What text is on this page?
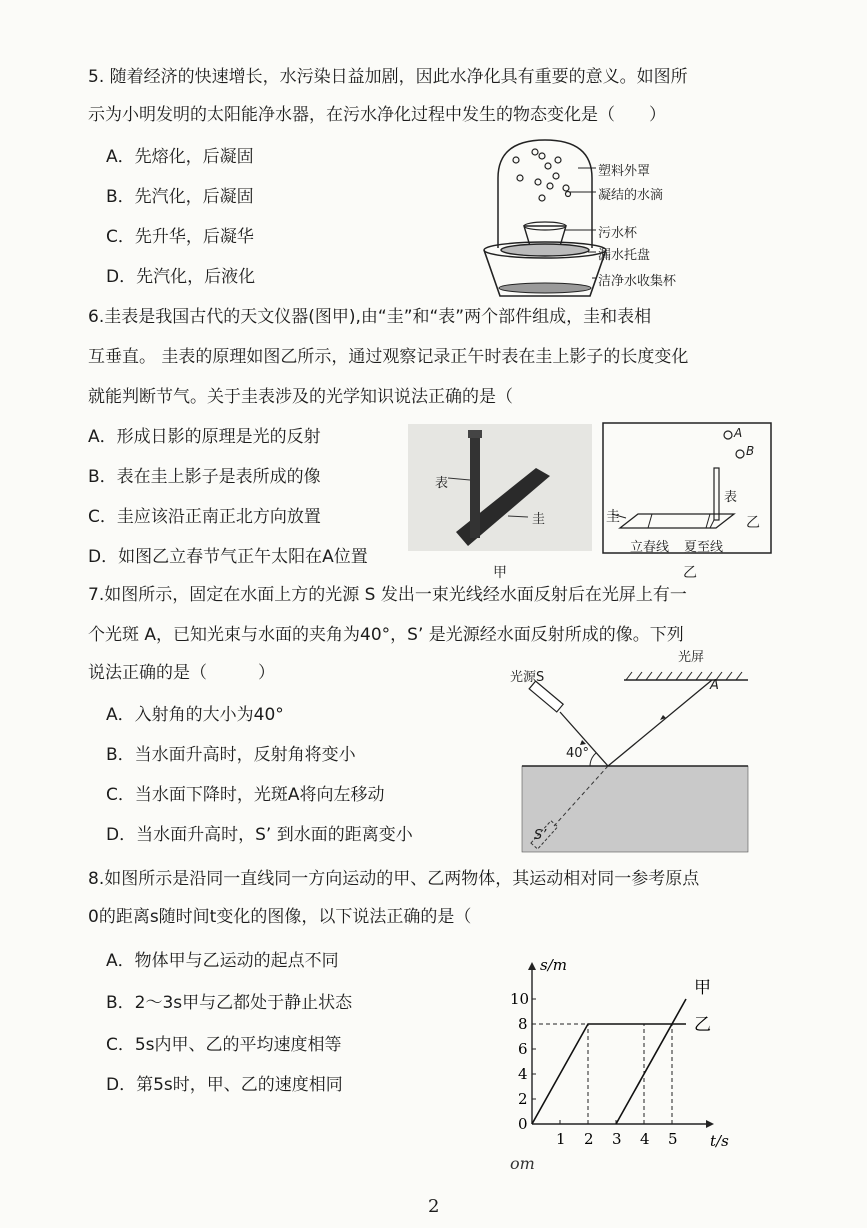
5. 随着经济的快速增长，水污染日益加剧，因此水净化具有重要的意义。如图所
示为小明发明的太阳能净水器，在污水净化过程中发生的物态变化是（　　）
A．先熔化，后凝固
B．先汽化，后凝固
C．先升华，后凝华
D．先汽化，后液化
塑料外罩
凝结的水滴
污水杯
漏水托盘
洁净水收集杯
6.圭表是我国古代的天文仪器(图甲),由“圭”和“表”两个部件组成，圭和表相
互垂直。 圭表的原理如图乙所示，通过观察记录正午时表在圭上影子的长度变化
就能判断节气。关于圭表涉及的光学知识说法正确的是（
A．形成日影的原理是光的反射
B．表在圭上影子是表所成的像
C．圭应该沿正南正北方向放置
D．如图乙立春节气正午太阳在A位置
表
圭
甲
A
B
表
圭	乙
立春线 夏至线
乙
7.如图所示，固定在水面上方的光源 S 发出一束光线经水面反射后在光屏上有一
个光斑 A，已知光束与水面的夹角为40°，S’ 是光源经水面反射所成的像。下列
说法正确的是（　　　）
A．入射角的大小为40°
B．当水面升高时，反射角将变小
C．当水面下降时，光斑A将向左移动
D．当水面升高时，S’ 到水面的距离变小
光源S
光屏
A
40°
S’
8.如图所示是沿同一直线同一方向运动的甲、乙两物体，其运动相对同一参考原点
0的距离s随时间t变化的图像，以下说法正确的是（
A．物体甲与乙运动的起点不同
B．2～3s甲与乙都处于静止状态
C．5s内甲、乙的平均速度相等
D．第5s时，甲、乙的速度相同
s/m
t/s
1 2 3 4 5
0
2
4
6
8
10
甲
乙
om
2
